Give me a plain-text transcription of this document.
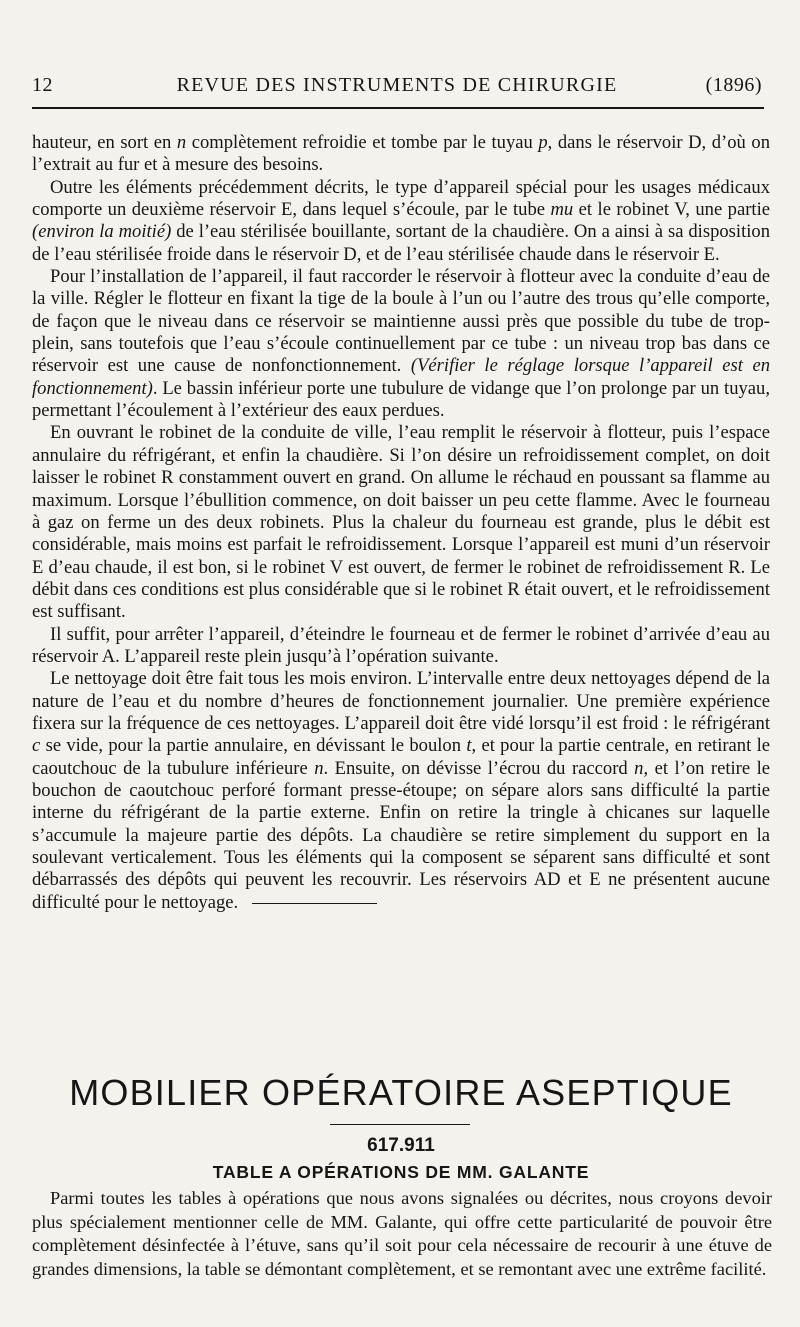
12	REVUE DES INSTRUMENTS DE CHIRURGIE	(1896)

hauteur, en sort en n complètement refroidie et tombe par le tuyau p, dans le réservoir D, d’où on l’extrait au fur et à mesure des besoins.

Outre les éléments précédemment décrits, le type d’appareil spécial pour les usages médicaux comporte un deuxième réservoir E, dans lequel s’écoule, par le tube mu et le robinet V, une partie (environ la moitié) de l’eau stérilisée bouillante, sortant de la chaudière. On a ainsi à sa disposition de l’eau stérilisée froide dans le réservoir D, et de l’eau stérilisée chaude dans le réservoir E.

Pour l’installation de l’appareil, il faut raccorder le réservoir à flotteur avec la conduite d’eau de la ville. Régler le flotteur en fixant la tige de la boule à l’un ou l’autre des trous qu’elle comporte, de façon que le niveau dans ce réservoir se maintienne aussi près que possible du tube de trop-plein, sans toutefois que l’eau s’écoule continuellement par ce tube : un niveau trop bas dans ce réservoir est une cause de nonfonctionnement. (Vérifier le réglage lorsque l’appareil est en fonctionnement). Le bassin inférieur porte une tubulure de vidange que l’on prolonge par un tuyau, permettant l’écoulement à l’extérieur des eaux perdues.

En ouvrant le robinet de la conduite de ville, l’eau remplit le réservoir à flotteur, puis l’espace annulaire du réfrigérant, et enfin la chaudière. Si l’on désire un refroidissement complet, on doit laisser le robinet R constamment ouvert en grand. On allume le réchaud en poussant sa flamme au maximum. Lorsque l’ébullition commence, on doit baisser un peu cette flamme. Avec le fourneau à gaz on ferme un des deux robinets. Plus la chaleur du fourneau est grande, plus le débit est considérable, mais moins est parfait le refroidissement. Lorsque l’appareil est muni d’un réservoir E d’eau chaude, il est bon, si le robinet V est ouvert, de fermer le robinet de refroidissement R. Le débit dans ces conditions est plus considérable que si le robinet R était ouvert, et le refroidissement est suffisant.

Il suffit, pour arrêter l’appareil, d’éteindre le fourneau et de fermer le robinet d’arrivée d’eau au réservoir A. L’appareil reste plein jusqu’à l’opération suivante.

Le nettoyage doit être fait tous les mois environ. L’intervalle entre deux nettoyages dépend de la nature de l’eau et du nombre d’heures de fonctionnement journalier. Une première expérience fixera sur la fréquence de ces nettoyages. L’appareil doit être vidé lorsqu’il est froid : le réfrigérant c se vide, pour la partie annulaire, en dévissant le boulon t, et pour la partie centrale, en retirant le caoutchouc de la tubulure inférieure n. Ensuite, on dévisse l’écrou du raccord n, et l’on retire le bouchon de caoutchouc perforé formant presse-étoupe; on sépare alors sans difficulté la partie interne du réfrigérant de la partie externe. Enfin on retire la tringle à chicanes sur laquelle s’accumule la majeure partie des dépôts. La chaudière se retire simplement du support en la soulevant verticalement. Tous les éléments qui la composent se séparent sans difficulté et sont débarrassés des dépôts qui peuvent les recouvrir. Les réservoirs AD et E ne présentent aucune difficulté pour le nettoyage.

MOBILIER OPÉRATOIRE ASEPTIQUE
617.911
TABLE A OPÉRATIONS DE MM. GALANTE

Parmi toutes les tables à opérations que nous avons signalées ou décrites, nous croyons devoir plus spécialement mentionner celle de MM. Galante, qui offre cette particularité de pouvoir être complètement désinfectée à l’étuve, sans qu’il soit pour cela nécessaire de recourir à une étuve de grandes dimensions, la table se démontant complètement, et se remontant avec une extrême facilité.
